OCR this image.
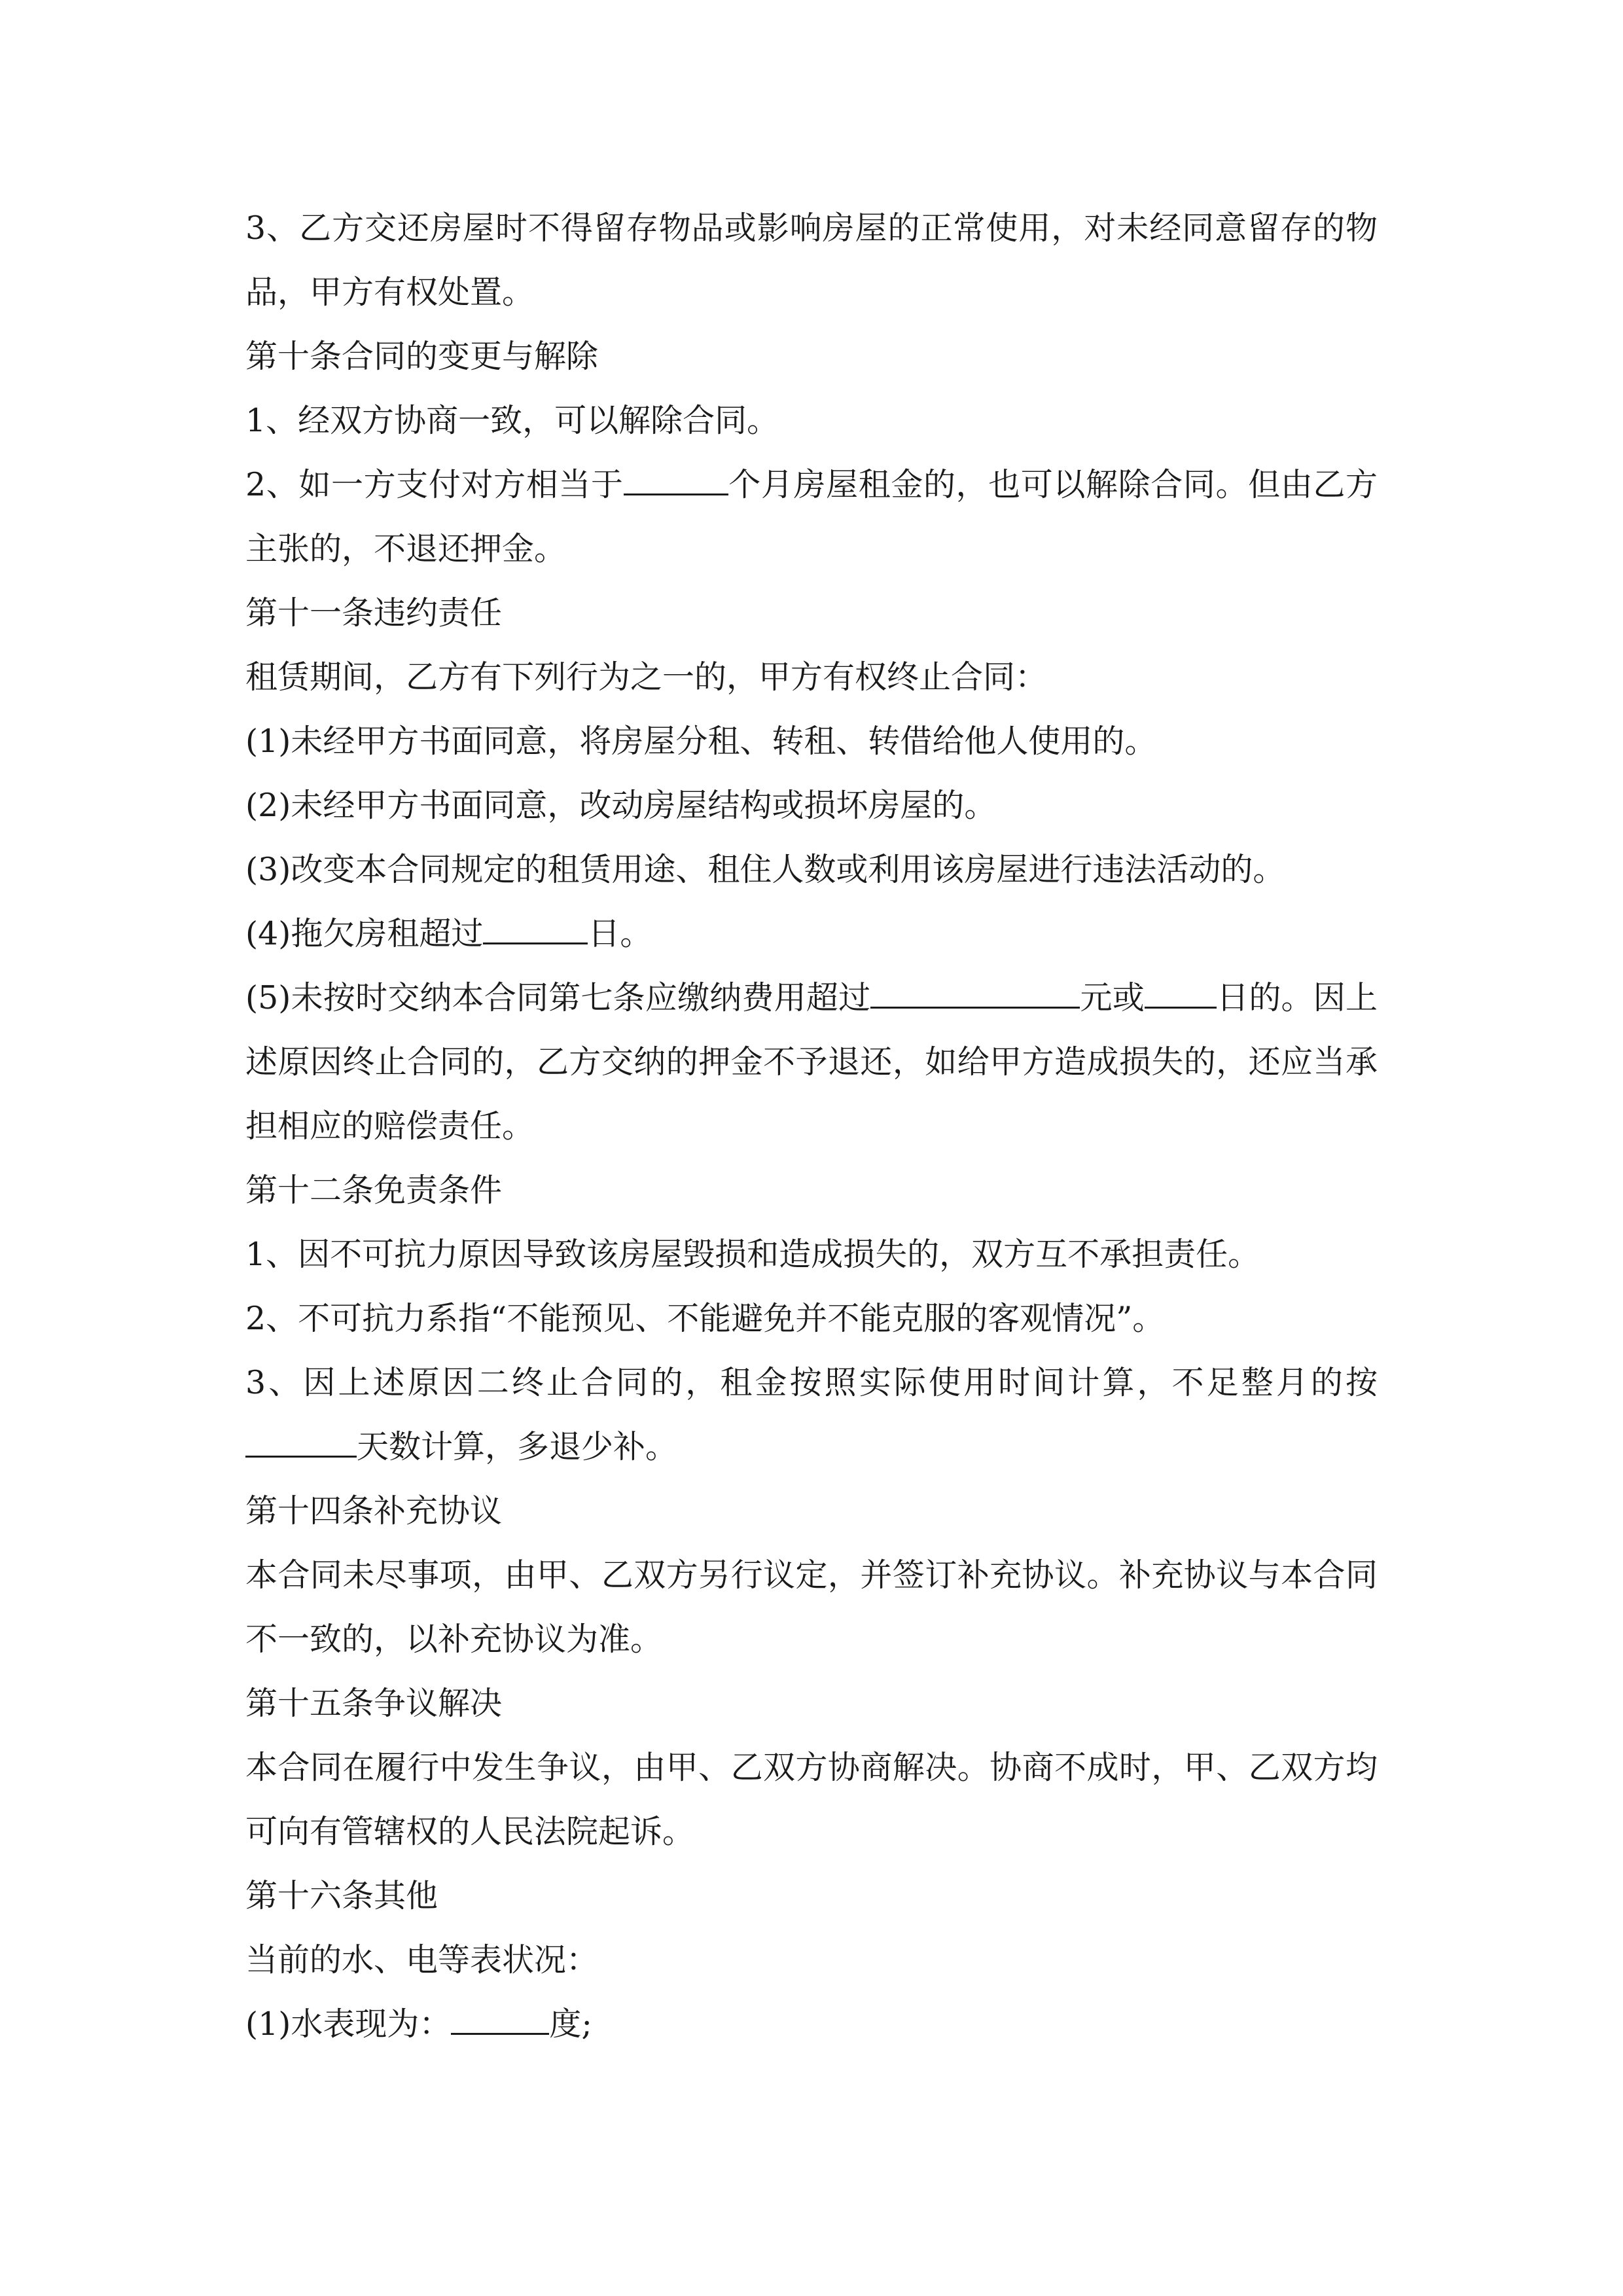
3、乙方交还房屋时不得留存物品或影响房屋的正常使用，对未经同意留存的物品，甲方有权处置。

第十条合同的变更与解除

1、经双方协商一致，可以解除合同。

2、如一方支付对方相当于	个月房屋租金的，也可以解除合同。但由乙方主张的，不退还押金。

第十一条违约责任

租赁期间，乙方有下列行为之一的，甲方有权终止合同：

(1)未经甲方书面同意，将房屋分租、转租、转借给他人使用的。

(2)未经甲方书面同意，改动房屋结构或损坏房屋的。

(3)改变本合同规定的租赁用途、租住人数或利用该房屋进行违法活动的。

(4)拖欠房租超过	日。

(5)未按时交纳本合同第七条应缴纳费用超过	元或 日的。因上述原因终止合同的，乙方交纳的押金不予退还，如给甲方造成损失的，还应当承担相应的赔偿责任。

第十二条免责条件

1、因不可抗力原因导致该房屋毁损和造成损失的，双方互不承担责任。

2、不可抗力系指“不能预见、不能避免并不能克服的客观情况”。

3、因上述原因二终止合同的，租金按照实际使用时间计算，不足整月的按天数计算，多退少补。

第十四条补充协议

本合同未尽事项，由甲、乙双方另行议定，并签订补充协议。补充协议与本合同不一致的，以补充协议为准。

第十五条争议解决

本合同在履行中发生争议，由甲、乙双方协商解决。协商不成时，甲、乙双方均可向有管辖权的人民法院起诉。

第十六条其他

当前的水、电等表状况：

(1)水表现为：	度;
